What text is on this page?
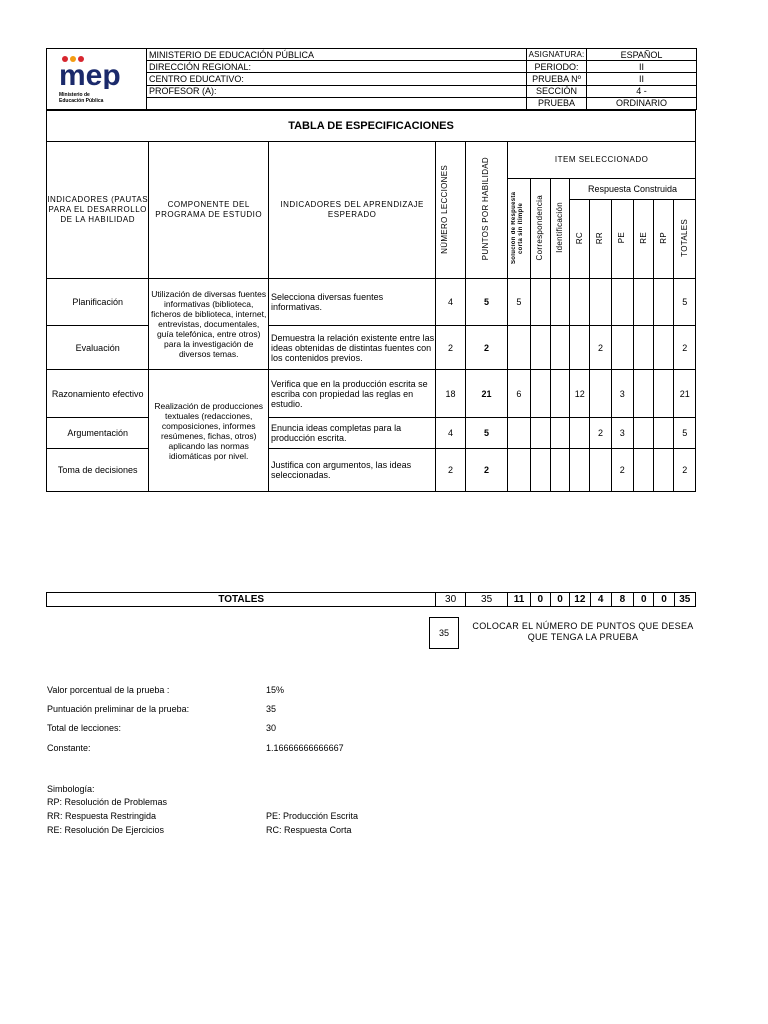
mep
Ministerio de
Educación Pública	MINISTERIO DE EDUCACIÓN PÚBLICA	ASIGNATURA:	ESPAÑOL
	DIRECCIÓN REGIONAL:	PERIODO:	II
	CENTRO EDUCATIVO:	PRUEBA Nº	II
	PROFESOR (A):	SECCIÓN	4 -
		PRUEBA	ORDINARIO
TABLA DE ESPECIFICACIONES													
INDICADORES (PAUTAS PARA EL DESARROLLO DE LA HABILIDAD	COMPONENTE DEL PROGRAMA DE ESTUDIO	INDICADORES DEL APRENDIZAJE ESPERADO	NÚMERO LECCIONES	PUNTOS POR HABILIDAD	ITEM SELECCIONADO								
					Solución de Respuesta corta sin ítimple	Correspondencia	Identificación	Respuesta Construida					
								RC	RR	PE	RE	RP	TOTALES
Planificación	Utilización de diversas fuentes informativas (biblioteca, ficheros de biblioteca, internet, entrevistas, documentales, guía telefónica, entre otros) para la investigación de diversos temas.	Selecciona diversas fuentes informativas.	4	5	5								5
Evaluación		Demuestra la relación existente entre las ideas obtenidas de distintas fuentes con los contenidos previos.	2	2					2				2
Razonamiento efectivo	Realización de producciones textuales (redacciones, composiciones, informes resúmenes, fichas, otros) aplicando las normas idiomáticas por nivel.	Verifica que en la producción escrita se escriba con propiedad las reglas en estudio.	18	21	6			12		3			21
Argumentación		Enuncia ideas completas para la producción escrita.	4	5					2	3			5
Toma de decisiones		Justifica con argumentos, las ideas seleccionadas.	2	2						2			2
TOTALES	30	35	11	0	0	12	4	8	0	0	35
35
COLOCAR EL NÚMERO DE PUNTOS QUE DESEA QUE TENGA LA PRUEBA
Valor porcentual de la prueba :	15%
Puntuación preliminar de la prueba:	35
Total de lecciones:	30
Constante:	1.16666666666667
Simbología:
RP: Resolución de Problemas
RR: Respuesta Restringida
RE: Resolución De Ejercicios
PE: Producción Escrita
RC: Respuesta Corta
